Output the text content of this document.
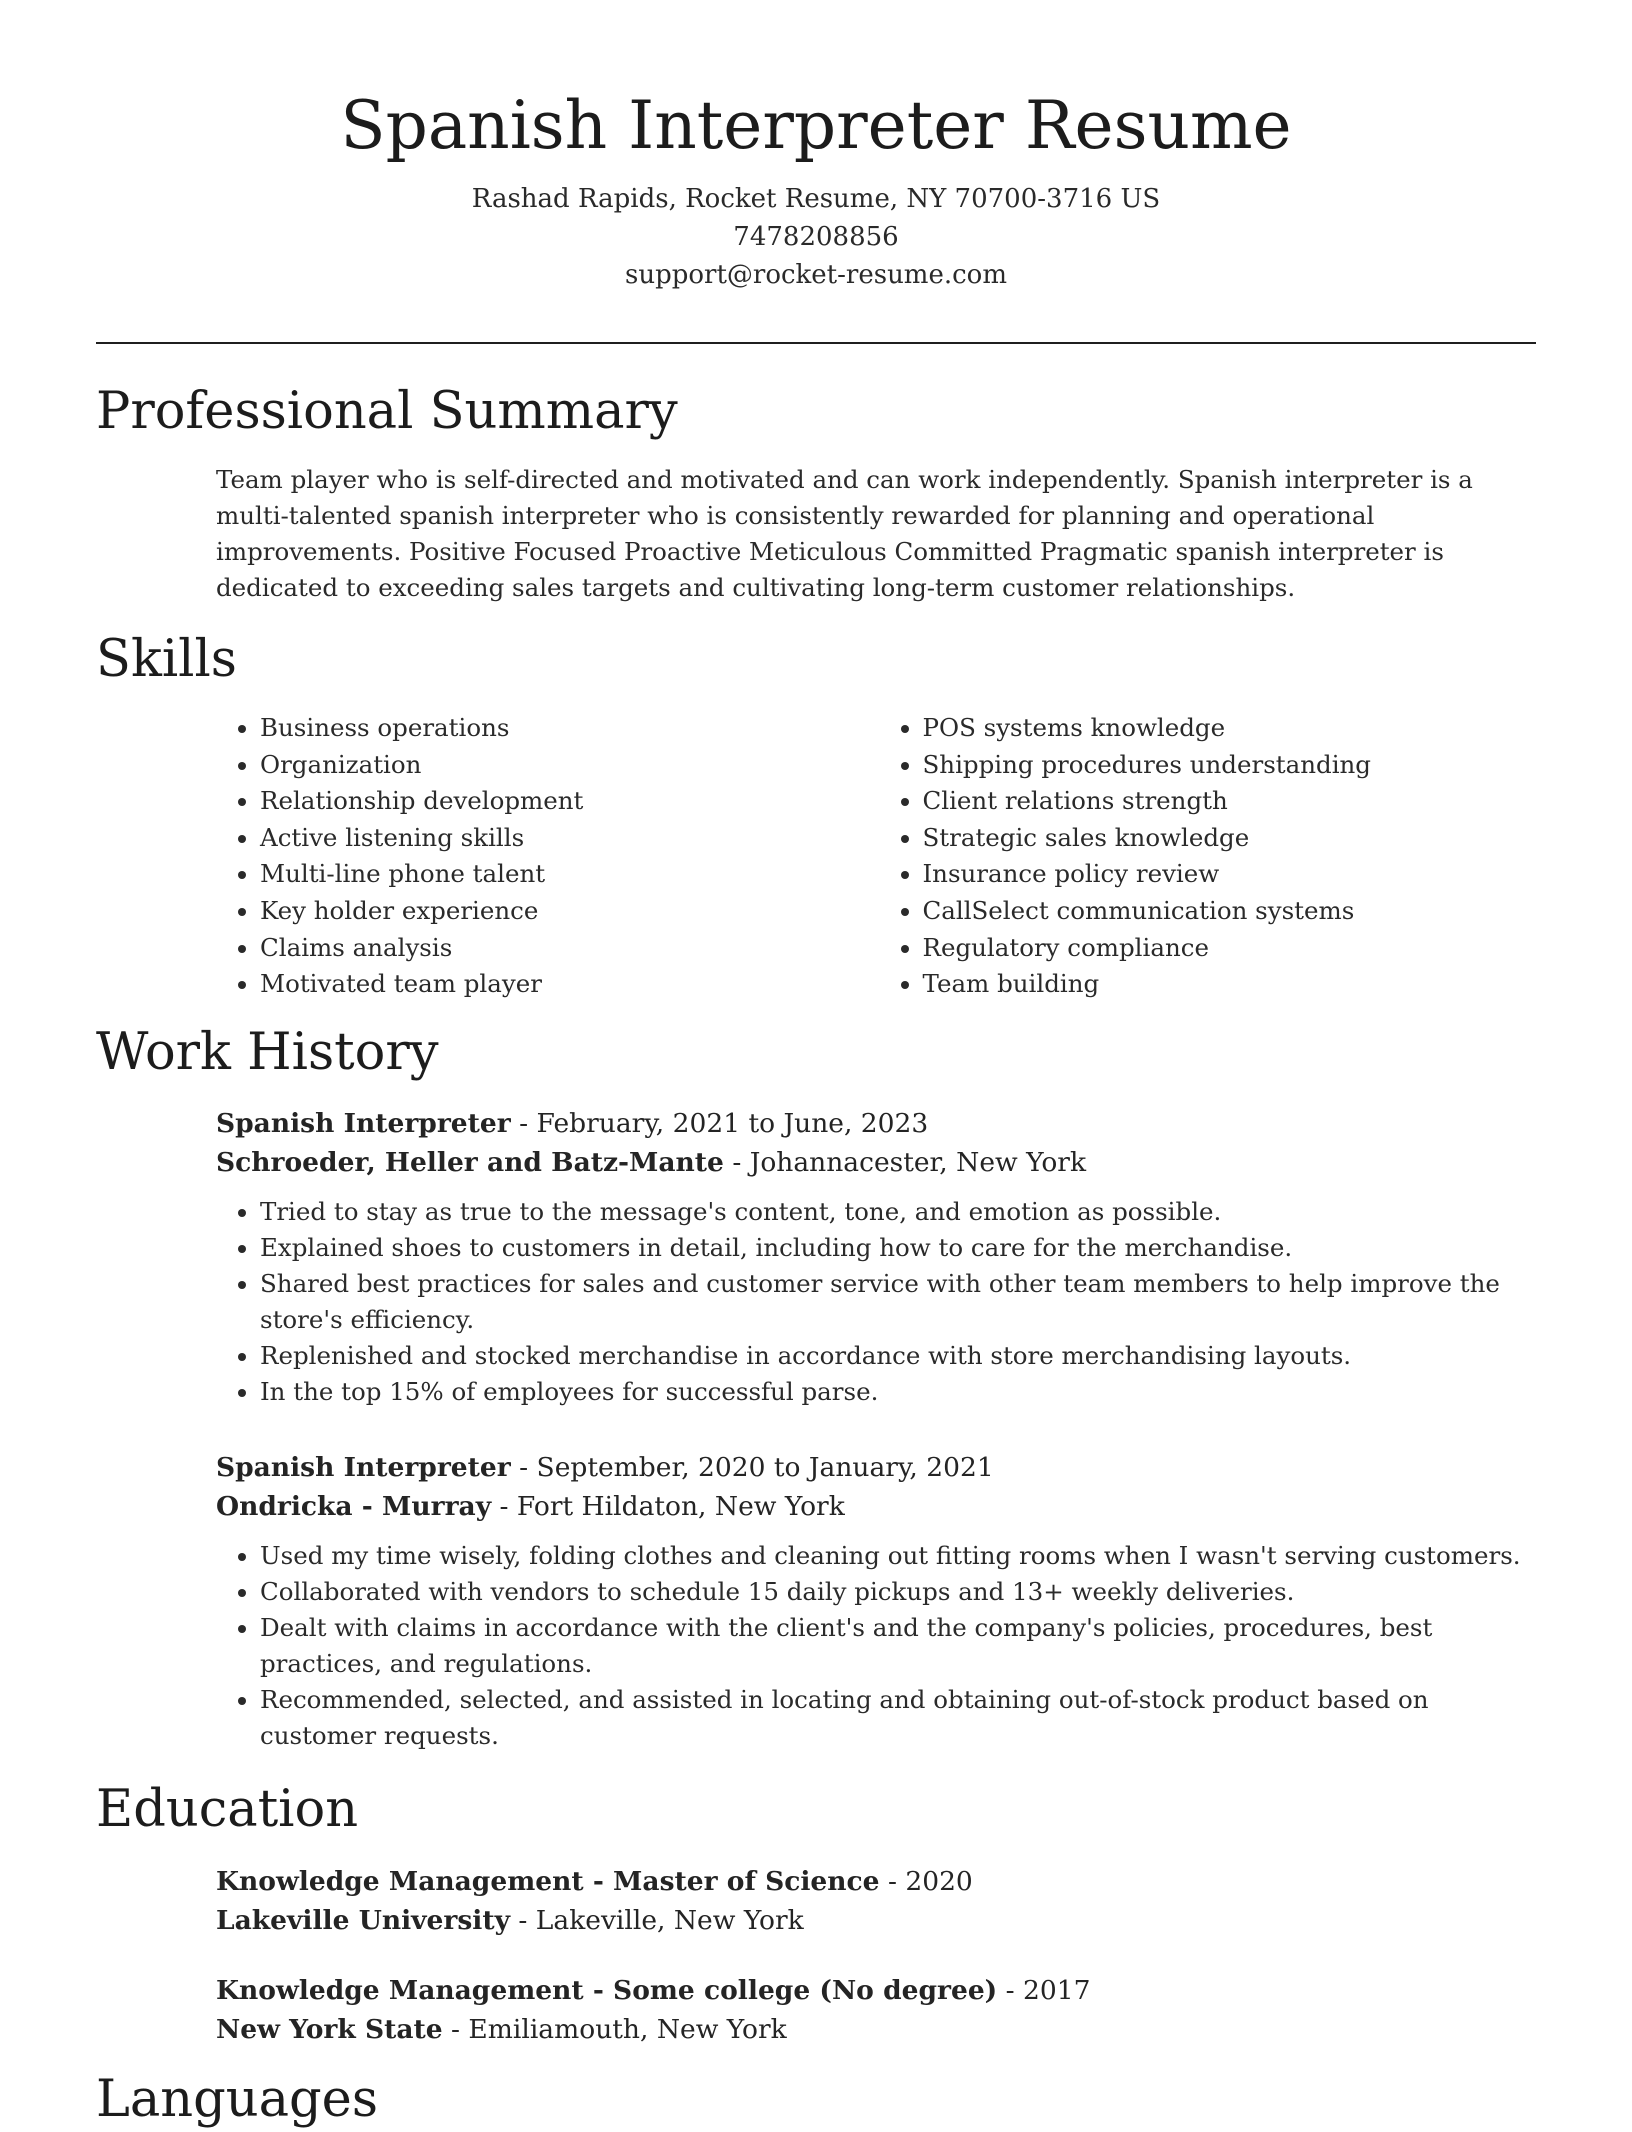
Spanish Interpreter Resume
Rashad Rapids, Rocket Resume, NY 70700-3716 US
7478208856
support@rocket-resume.com
Professional Summary

Team player who is self-directed and motivated and can work independently. Spanish interpreter is a multi-talented spanish interpreter who is consistently rewarded for planning and operational improvements. Positive Focused Proactive Meticulous Committed Pragmatic spanish interpreter is dedicated to exceeding sales targets and cultivating long-term customer relationships.

Skills
• Business operations
• Organization
• Relationship development
• Active listening skills
• Multi-line phone talent
• Key holder experience
• Claims analysis
• Motivated team player
• POS systems knowledge
• Shipping procedures understanding
• Client relations strength
• Strategic sales knowledge
• Insurance policy review
• CallSelect communication systems
• Regulatory compliance
• Team building
Work History
Spanish Interpreter - February, 2021 to June, 2023
Schroeder, Heller and Batz-Mante - Johannacester, New York
• Tried to stay as true to the message's content, tone, and emotion as possible.
• Explained shoes to customers in detail, including how to care for the merchandise.
• Shared best practices for sales and customer service with other team members to help improve the store's efficiency.
• Replenished and stocked merchandise in accordance with store merchandising layouts.
• In the top 15% of employees for successful parse.
Spanish Interpreter - September, 2020 to January, 2021
Ondricka - Murray - Fort Hildaton, New York
• Used my time wisely, folding clothes and cleaning out fitting rooms when I wasn't serving customers.
• Collaborated with vendors to schedule 15 daily pickups and 13+ weekly deliveries.
• Dealt with claims in accordance with the client's and the company's policies, procedures, best practices, and regulations.
• Recommended, selected, and assisted in locating and obtaining out-of-stock product based on customer requests.
Education
Knowledge Management - Master of Science - 2020
Lakeville University - Lakeville, New York
Knowledge Management - Some college (No degree) - 2017
New York State - Emiliamouth, New York
Languages
